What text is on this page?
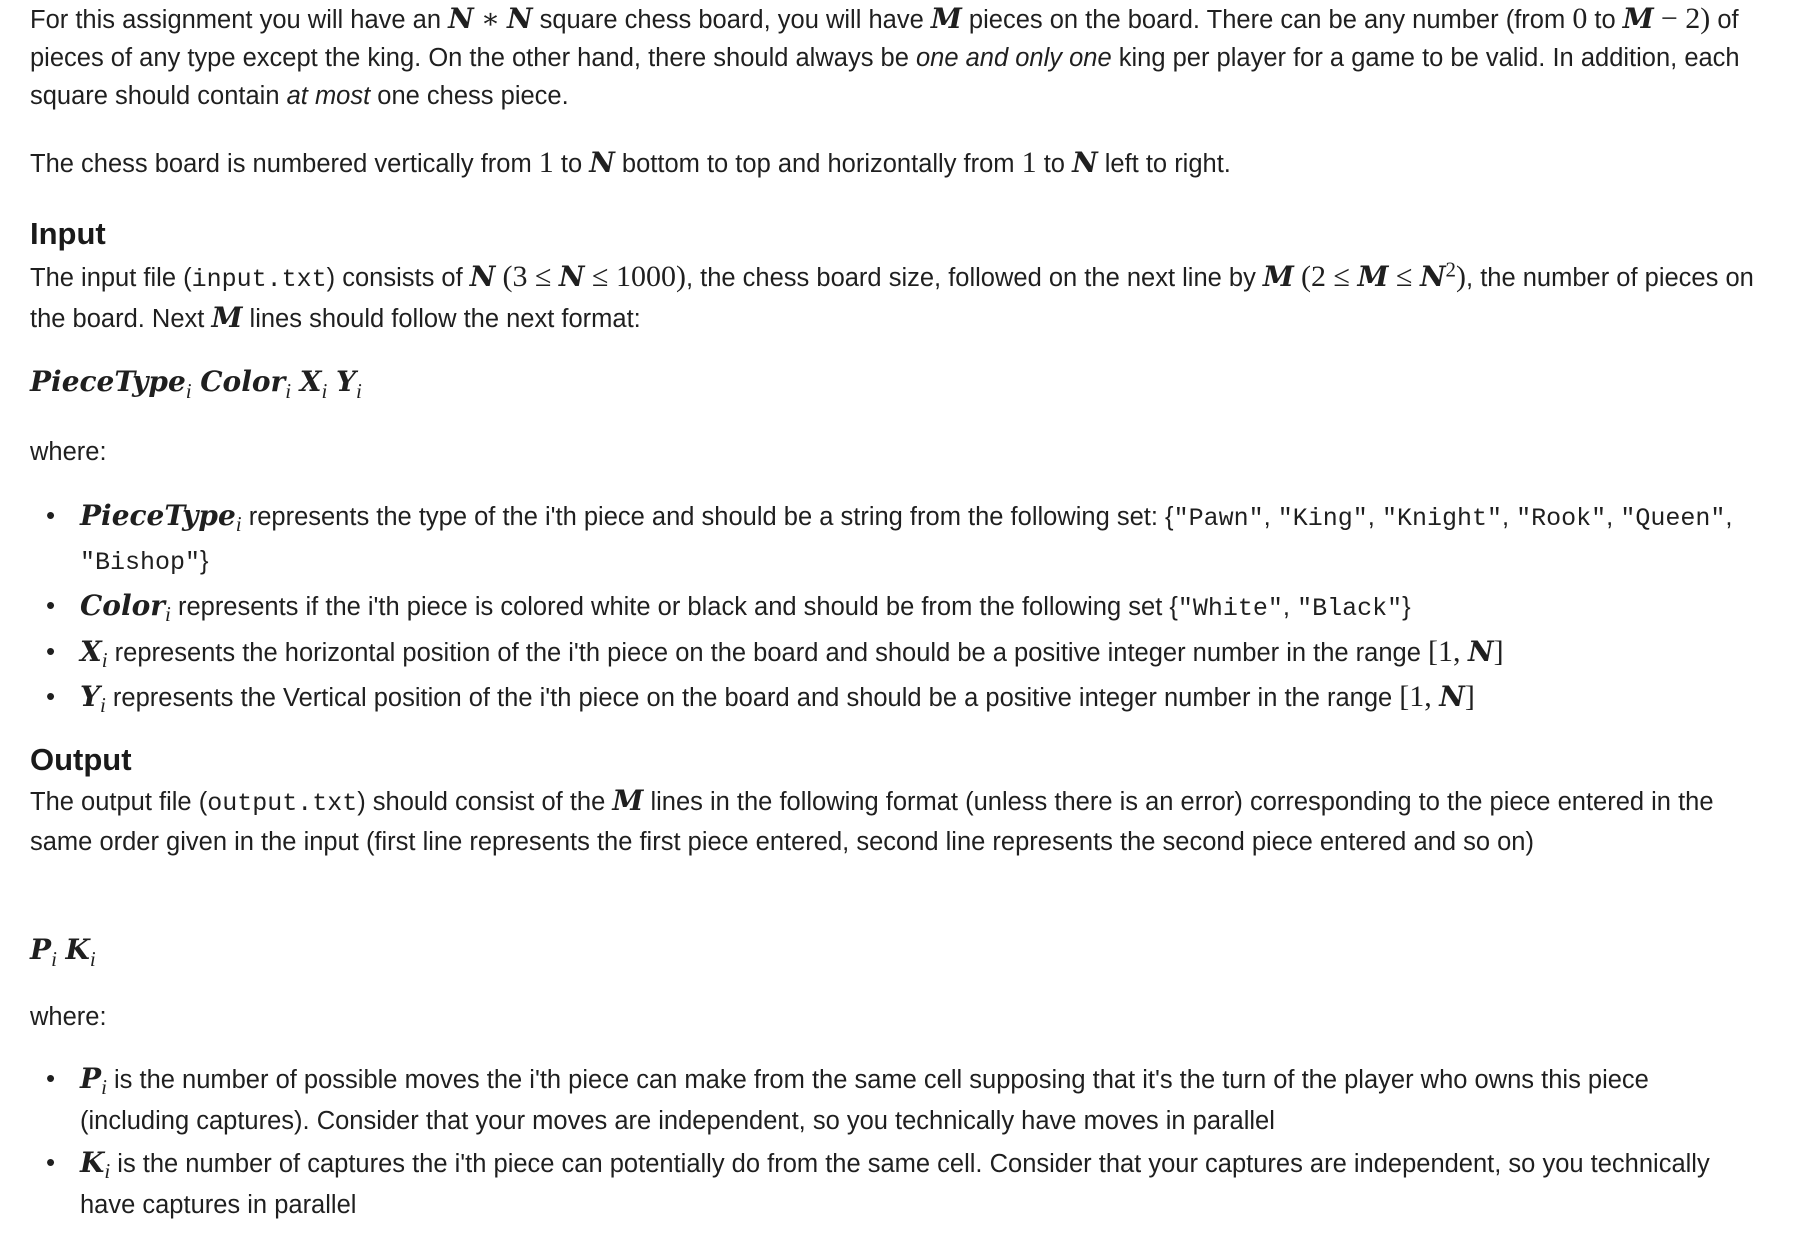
For this assignment you will have an N ∗ N square chess board, you will have M pieces on the board. There can be any number (from 0 to M − 2) of pieces of any type except the king. On the other hand, there should always be one and only one king per player for a game to be valid. In addition, each square should contain at most one chess piece.

The chess board is numbered vertically from 1 to N bottom to top and horizontally from 1 to N left to right.

Input

The input file (input.txt) consists of N (3 ≤ N ≤ 1000), the chess board size, followed on the next line by M $(2 \le M \le N^2)$, the number of pieces on the board. Next M lines should follow the next format:

PieceType$_i$ Color$_i$ $X_i$ $Y_i$

where:

• PieceType$_i$ represents the type of the i'th piece and should be a string from the following set: {"Pawn", "King", "Knight", "Rook", "Queen", "Bishop"}
• Color$_i$ represents if the i'th piece is colored white or black and should be from the following set {"White", "Black"}
• $X_i$ represents the horizontal position of the i'th piece on the board and should be a positive integer number in the range [1, N]
• $Y_i$ represents the Vertical position of the i'th piece on the board and should be a positive integer number in the range [1, N]
Output

The output file (output.txt) should consist of the M lines in the following format (unless there is an error) corresponding to the piece entered in the same order given in the input (first line represents the first piece entered, second line represents the second piece entered and so on)

$P_i$ $K_i$

where:

• $P_i$ is the number of possible moves the i'th piece can make from the same cell supposing that it's the turn of the player who owns this piece (including captures). Consider that your moves are independent, so you technically have moves in parallel
• $K_i$ is the number of captures the i'th piece can potentially do from the same cell. Consider that your captures are independent, so you technically have captures in parallel
